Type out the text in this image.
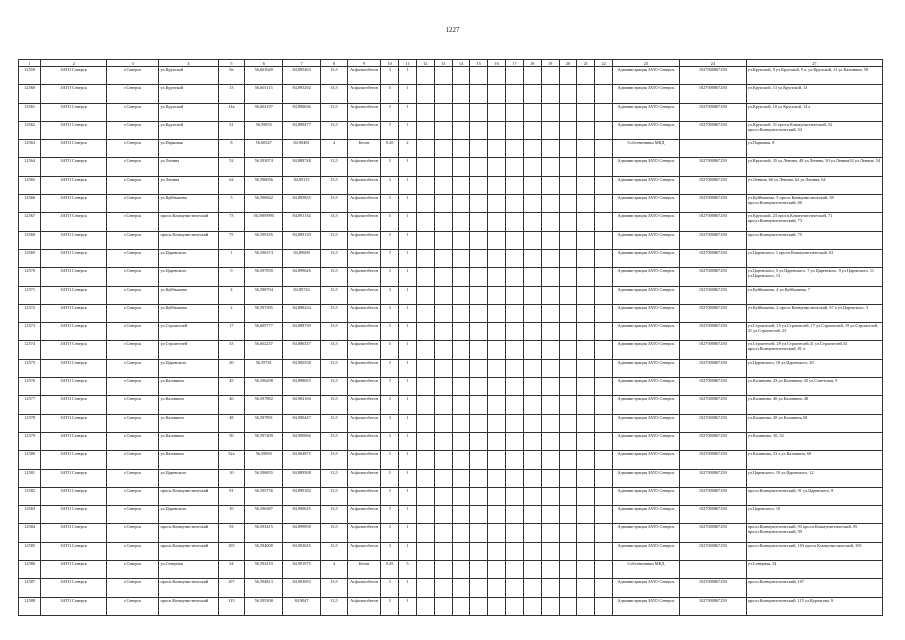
1227
1	2	3	4	5	6	7	8	9	10	11	12	13	14	15	16	17	18	19	20	21	22	23	24	27
12559	ЗАТО Северск	г.Северск	ул.Крупской	9а	56,601649	84,895263	13,5	Асфальтобетон	3	1												Администрация ЗАТО Северск	1027000867250	ул.Крупской, 9 ул.Крупской, 9 а, ул.Крупской, 11 ул.Калинина, 58
12560	ЗАТО Северск	г.Северск	ул.Крупской	13	56,601115	84,895292	13,5	Асфальтобетон	3	1												Администрация ЗАТО Северск	1027000867250	ул.Крупской, 13 ул.Крупской, 13
12561	ЗАТО Северск	г.Северск	ул.Крупской	14а	56,602197	84,896636	13,5	Асфальтобетон	3	1												Администрация ЗАТО Северск	1027000867250	ул.Крупской, 10 ул.Крупской, 14 а
12562	ЗАТО Северск	г.Северск	ул.Крупской	31	56,59855	84,889477	13,5	Асфальтобетон	3	1												Администрация ЗАТО Северск	1027000867250	ул.Крупской, 31 просп.Коммунистический, 52 просп.Коммунистический, 54
12563	ЗАТО Северск	г.Северск	ул.Парковая	8	56,60347	84,90481	4	Бетон	0,45	2												Собственники МКД		ул.Парковая, 8
12564	ЗАТО Северск	г.Северск	ул.Ленина	52	56,593074	84,888748	13,5	Асфальтобетон	3	1												Администрация ЗАТО Северск	1027000867250	ул.Крупской, 35 ул.Ленина, 48 ул.Ленина, 50 ул.Ленина52 ул.Ленина, 54
12565	ЗАТО Северск	г.Северск	ул.Ленина	62	56,596056	84,89115	13,5	Асфальтобетон	3	1												Администрация ЗАТО Северск	1027000867250	ул.Ленина, 60 ул.Ленина, 62 ул.Ленина, 64
12566	ЗАТО Северск	г.Северск	ул.Куйбышева	5	56,596842	84,895835	13,5	Асфальтобетон	3	1												Администрация ЗАТО Северск	1027000867250	ул.Куйбышева, 5 просп.Коммунистический, 58 просп.Коммунистический, 60
12567	ЗАТО Северск	г.Северск	просп.Коммунистический	73	56,5909995	84,891134	13,5	Асфальтобетон	3	1												Администрация ЗАТО Северск	1027000867250	ул.Крупской, 23 просп.Коммунистический, 71 просп.Коммунистический, 73
12568	ЗАТО Северск	г.Северск	просп.Коммунистический	75	56,599185	84,889139	13,5	Асфальтобетон	3	1												Администрация ЗАТО Северск	1027000867250	просп.Коммунистический, 75
12569	ЗАТО Северск	г.Северск	ул.Царевского	1	56,596374	84,89608	13,5	Асфальтобетон	3	1												Администрация ЗАТО Северск	1027000867250	ул.Царевского, 1 просп.Коммунистический, 63
12570	ЗАТО Северск	г.Северск	ул.Царевского	9	56,597839	84,899626	13,5	Асфальтобетон	3	1												Администрация ЗАТО Северск	1027000867250	ул.Царевского, 5 ул.Царевского, 7 ул.Царевского, 9 ул.Царевского, 11 ул.Царевского, 13
12571	ЗАТО Северск	г.Северск	ул.Куйбышева	4	56,598794	84,89743	13,5	Асфальтобетон	3	1												Администрация ЗАТО Северск	1027000867250	ул.Куйбышева, 4 ул.Куйбышева, 7
12572	ЗАТО Северск	г.Северск	ул.Куйбышева	2	56,597395	84,896234	13,5	Асфальтобетон	3	1												Администрация ЗАТО Северск	1027000867250	ул.Куйбышева, 2 просп.Коммунистический, 67 а ул.Царевского, 3
12573	ЗАТО Северск	г.Северск	ул.Строителей	17	56,605777	84,888739	13,5	Асфальтобетон	3	1												Администрация ЗАТО Северск	1027000867250	ул.Строителей, 15 ул.Строителей, 17 ул.Строителей, 19 ул.Строителей, 21 ул.Строителей, 23
12574	ЗАТО Северск	г.Северск	ул.Строителей	33	56,602237	84,886337	13,5	Асфальтобетон	3	1												Администрация ЗАТО Северск	1027000867250	ул.Строителей, 29 ул.Строителей,31 ул.Строителей,33 просп.Коммунистический, 81 а
12575	ЗАТО Северск	г.Северск	ул.Царевского	20	56,59781	84,900538	13,5	Асфальтобетон	3	1												Администрация ЗАТО Северск	1027000867250	ул.Царевского, 18 ул.Царевского, 20
12576	ЗАТО Северск	г.Северск	ул.Калинина	45	56,596298	84,898693	13,5	Асфальтобетон	3	1												Администрация ЗАТО Северск	1027000867250	ул.Калинина, 43 ул.Калинина, 45 ул.Советская, 9
12577	ЗАТО Северск	г.Северск	ул.Калинина	46	56,597882	84,902166	13,5	Асфальтобетон	3	1												Администрация ЗАТО Северск	1027000867250	ул.Калинина, 46 ул.Калинина, 48
12578	ЗАТО Северск	г.Северск	ул.Калинина	48	56,597891	84,900447	13,5	Асфальтобетон	3	1												Администрация ЗАТО Северск	1027000867250	ул.Калинина, 48 ул.Калинина,50
12579	ЗАТО Северск	г.Северск	ул.Калинина	50	56,597409	84,900066	13,5	Асфальтобетон	3	1												Администрация ЗАТО Северск	1027000867250	ул.Калинина, 50, 52
12580	ЗАТО Северск	г.Северск	ул.Калинина	52а	56,59893	84,904875	13,5	Асфальтобетон	3	1												Администрация ЗАТО Северск	1027000867250	ул.Калинина, 52 а ул.Калинина, 60
12581	ЗАТО Северск	г.Северск	ул.Царевского	10	56,596855	84,889508	13,5	Асфальтобетон	5	1												Администрация ЗАТО Северск	1027000867250	ул.Царевского, 10 ул.Царевского, 12
12582	ЗАТО Северск	г.Северск	просп.Коммунистический	91	56,595756	84,899182	13,5	Асфальтобетон	3	1												Администрация ЗАТО Северск	1027000867250	просп.Коммунистический, 91 ул.Царевского, 8
12583	ЗАТО Северск	г.Северск	ул.Царевского	10	56,596387	84,900025	13,5	Асфальтобетон	3	1												Администрация ЗАТО Северск	1027000867250	ул.Царевского, 10
12584	ЗАТО Северск	г.Северск	просп.Коммунистический	93	56,593415	84,899858	13,5	Асфальтобетон	3	1												Администрация ЗАТО Северск	1027000867250	просп.Коммунистический, 93 просп.Коммунистический, 95 просп.Коммунистический, 99
12585	ЗАТО Северск	г.Северск	просп.Коммунистический	105	56,594008	84,903045	13,5	Асфальтобетон	3	1												Администрация ЗАТО Северск	1027000867250	просп.Коммунистический, 103 просп.Коммунистический, 105
12586	ЗАТО Северск	г.Северск	ул.Северная	34	56,594119	84,901975	4	Бетон	0,45	5												Собственники МКД		ул.Северная, 34
12587	ЗАТО Северск	г.Северск	просп.Коммунистический	107	56,594813	84,903093	13,5	Асфальтобетон	3	1												Администрация ЗАТО Северск	1027000867250	просп.Коммунистический, 107
12588	ЗАТО Северск	г.Северск	просп.Коммунистический	115	56,595308	84,9047	13,5	Асфальтобетон	3	1												Администрация ЗАТО Северск	1027000867250	просп.Коммунистический, 115 ул.Курчатова, 9
